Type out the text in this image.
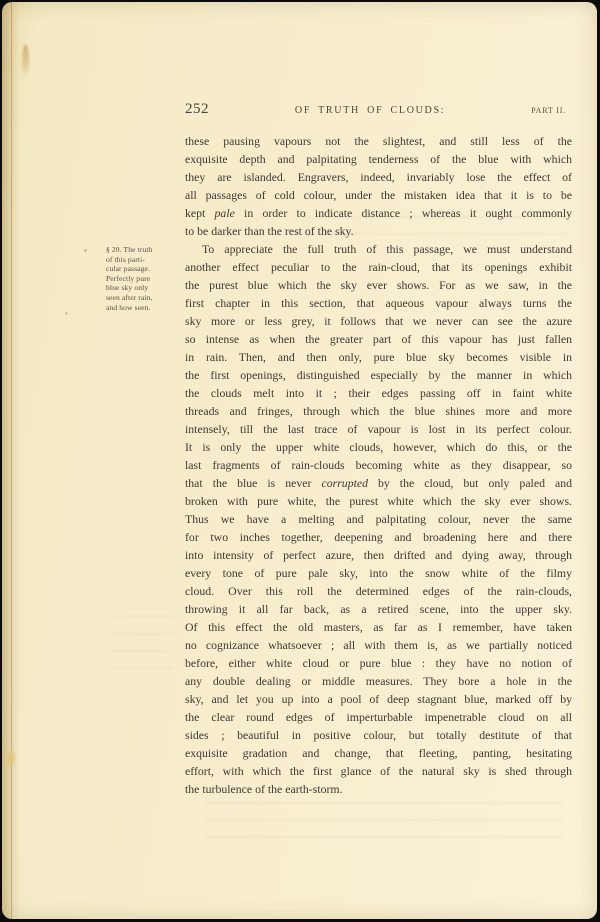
252	OF TRUTH OF CLOUDS:	PART II.
§ 20. The truth
of this parti-
cular passage.
Perfectly pure
blue sky only
seen after rain,
and how seen.
these pausing vapours not the slightest, and still less of the
exquisite depth and palpitating tenderness of the blue with which
they are islanded. Engravers, indeed, invariably lose the effect of
all passages of cold colour, under the mistaken idea that it is to be
kept pale in order to indicate distance ; whereas it ought commonly
to be darker than the rest of the sky.
To appreciate the full truth of this passage, we must understand
another effect peculiar to the rain-cloud, that its openings exhibit
the purest blue which the sky ever shows. For as we saw, in the
first chapter in this section, that aqueous vapour always turns the
sky more or less grey, it follows that we never can see the azure
so intense as when the greater part of this vapour has just fallen
in rain. Then, and then only, pure blue sky becomes visible in
the first openings, distinguished especially by the manner in which
the clouds melt into it ; their edges passing off in faint white
threads and fringes, through which the blue shines more and more
intensely, till the last trace of vapour is lost in its perfect colour.
It is only the upper white clouds, however, which do this, or the
last fragments of rain-clouds becoming white as they disappear, so
that the blue is never corrupted by the cloud, but only paled and
broken with pure white, the purest white which the sky ever shows.
Thus we have a melting and palpitating colour, never the same
for two inches together, deepening and broadening here and there
into intensity of perfect azure, then drifted and dying away, through
every tone of pure pale sky, into the snow white of the filmy
cloud. Over this roll the determined edges of the rain-clouds,
throwing it all far back, as a retired scene, into the upper sky.
Of this effect the old masters, as far as I remember, have taken
no cognizance whatsoever ; all with them is, as we partially noticed
before, either white cloud or pure blue : they have no notion of
any double dealing or middle measures. They bore a hole in the
sky, and let you up into a pool of deep stagnant blue, marked off by
the clear round edges of imperturbable impenetrable cloud on all
sides ; beautiful in positive colour, but totally destitute of that
exquisite gradation and change, that fleeting, panting, hesitating
effort, with which the first glance of the natural sky is shed through
the turbulence of the earth-storm.
